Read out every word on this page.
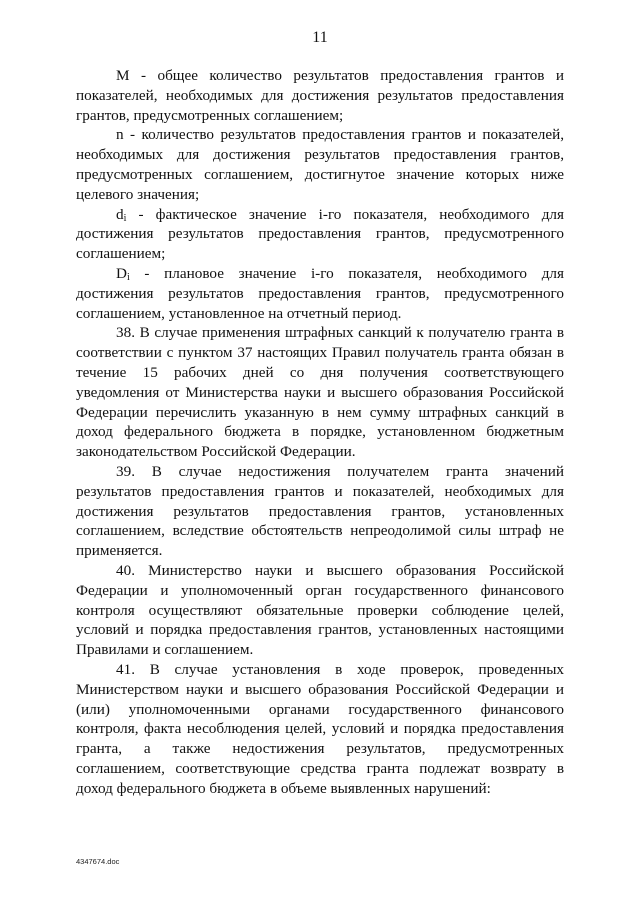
11

M - общее количество результатов предоставления грантов и показателей, необходимых для достижения результатов предоставления грантов, предусмотренных соглашением;

n - количество результатов предоставления грантов и показателей, необходимых для достижения результатов предоставления грантов, предусмотренных соглашением, достигнутое значение которых ниже целевого значения;

$d_i$ - фактическое значение i-го показателя, необходимого для достижения результатов предоставления грантов, предусмотренного соглашением;

$D_i$ - плановое значение i-го показателя, необходимого для достижения результатов предоставления грантов, предусмотренного соглашением, установленное на отчетный период.

38. В случае применения штрафных санкций к получателю гранта в соответствии с пунктом 37 настоящих Правил получатель гранта обязан в течение 15 рабочих дней со дня получения соответствующего уведомления от Министерства науки и высшего образования Российской Федерации перечислить указанную в нем сумму штрафных санкций в доход федерального бюджета в порядке, установленном бюджетным законодательством Российской Федерации.

39. В случае недостижения получателем гранта значений результатов предоставления грантов и показателей, необходимых для достижения результатов предоставления грантов, установленных соглашением, вследствие обстоятельств непреодолимой силы штраф не применяется.

40. Министерство науки и высшего образования Российской Федерации и уполномоченный орган государственного финансового контроля осуществляют обязательные проверки соблюдение целей, условий и порядка предоставления грантов, установленных настоящими Правилами и соглашением.

41. В случае установления в ходе проверок, проведенных Министерством науки и высшего образования Российской Федерации и (или) уполномоченными органами государственного финансового контроля, факта несоблюдения целей, условий и порядка предоставления гранта, а также недостижения результатов, предусмотренных соглашением, соответствующие средства гранта подлежат возврату в доход федерального бюджета в объеме выявленных нарушений:

4347674.doc
